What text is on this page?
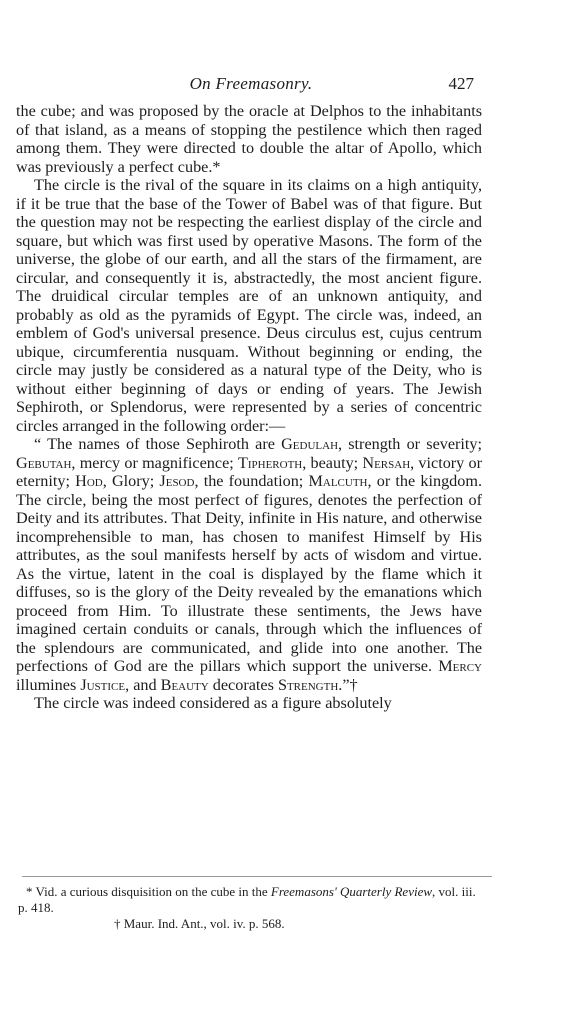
On Freemasonry.	427

the cube; and was proposed by the oracle at Delphos to the inhabitants of that island, as a means of stopping the pestilence which then raged among them. They were directed to double the altar of Apollo, which was previously a perfect cube.*

The circle is the rival of the square in its claims on a high antiquity, if it be true that the base of the Tower of Babel was of that figure. But the question may not be respecting the earliest display of the circle and square, but which was first used by operative Masons. The form of the universe, the globe of our earth, and all the stars of the firmament, are circular, and consequently it is, abstractedly, the most ancient figure. The druidical circular temples are of an unknown antiquity, and probably as old as the pyramids of Egypt. The circle was, indeed, an emblem of God's universal presence. Deus circulus est, cujus centrum ubique, circumferentia nusquam. Without beginning or ending, the circle may justly be considered as a natural type of the Deity, who is without either beginning of days or ending of years. The Jewish Sephiroth, or Splendorus, were represented by a series of concentric circles arranged in the following order:—

“ The names of those Sephiroth are Gedulah, strength or severity; Gebutah, mercy or magnificence; Tipheroth, beauty; Nersah, victory or eternity; Hod, Glory; Jesod, the foundation; Malcuth, or the kingdom. The circle, being the most perfect of figures, denotes the perfection of Deity and its attributes. That Deity, infinite in His nature, and otherwise incomprehensible to man, has chosen to manifest Himself by His attributes, as the soul manifests herself by acts of wisdom and virtue. As the virtue, latent in the coal is displayed by the flame which it diffuses, so is the glory of the Deity revealed by the emanations which proceed from Him. To illustrate these sentiments, the Jews have imagined certain conduits or canals, through which the influences of the splendours are communicated, and glide into one another. The perfections of God are the pillars which support the universe. Mercy illumines Justice, and Beauty decorates Strength.”†

The circle was indeed considered as a figure absolutely

* Vid. a curious disquisition on the cube in the Freemasons' Quarterly Review, vol. iii. p. 418.

† Maur. Ind. Ant., vol. iv. p. 568.
